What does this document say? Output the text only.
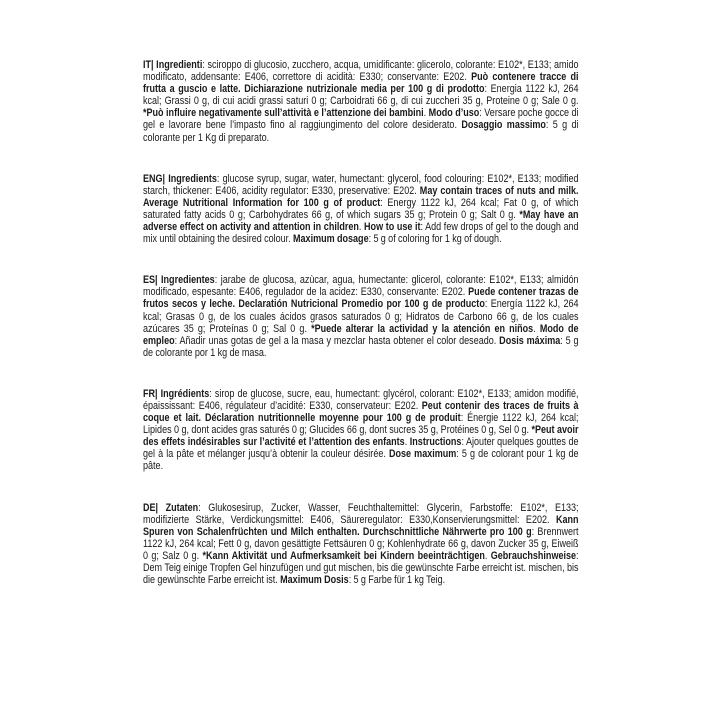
IT| Ingredienti: sciroppo di glucosio, zucchero, acqua, umidificante: glicerolo, colorante: E102*, E133; amido modificato, addensante: E406, correttore di acidità: E330; conservante: E202. Può contenere tracce di frutta a guscio e latte. Dichiarazione nutrizionale media per 100 g di prodotto: Energia 1122 kJ, 264 kcal; Grassi 0 g, di cui acidi grassi saturi 0 g; Carboidrati 66 g, di cui zuccheri 35 g, Proteine 0 g; Sale 0 g. *Può influire negativamente sull’attività e l’attenzione dei bambini. Modo d’uso: Versare poche gocce di gel e lavorare bene l’impasto fino al raggiungimento del colore desiderato. Dosaggio massimo: 5 g di colorante per 1 Kg di preparato.

ENG| Ingredients: glucose syrup, sugar, water, humectant: glycerol, food colouring: E102*, E133; modified starch, thickener: E406, acidity regulator: E330, preservative: E202. May contain traces of nuts and milk. Average Nutritional Information for 100 g of product: Energy 1122 kJ, 264 kcal; Fat 0 g, of which saturated fatty acids 0 g; Carbohydrates 66 g, of which sugars 35 g; Protein 0 g; Salt 0 g. *May have an adverse effect on activity and attention in children. How to use it: Add few drops of gel to the dough and mix until obtaining the desired colour. Maximum dosage: 5 g of coloring for 1 kg of dough.

ES| Ingredientes: jarabe de glucosa, azùcar, agua, humectante: glicerol, colorante: E102*, E133; almidón modificado, espesante: E406, regulador de la acidez: E330, conservante: E202. Puede contener trazas de frutos secos y leche. Declaratión Nutricional Promedio por 100 g de producto: Energía 1122 kJ, 264 kcal; Grasas 0 g, de los cuales ácidos grasos saturados 0 g; Hidratos de Carbono 66 g, de los cuales azúcares 35 g; Proteínas 0 g; Sal 0 g. *Puede alterar la actividad y la atención en niños. Modo de empleo: Añadir unas gotas de gel a la masa y mezclar hasta obtener el color deseado. Dosis máxima: 5 g de colorante por 1 kg de masa.

FR| Ingrédients: sirop de glucose, sucre, eau, humectant: glycérol, colorant: E102*, E133; amidon modifié, épaississant: E406, régulateur d’acidité: E330, conservateur: E202. Peut contenir des traces de fruits à coque et lait. Déclaration nutritionnelle moyenne pour 100 g de produit: Énergie 1122 kJ, 264 kcal; Lipides 0 g, dont acides gras saturés 0 g; Glucides 66 g, dont sucres 35 g, Protéines 0 g, Sel 0 g. *Peut avoir des effets indésirables sur l’activité et l’attention des enfants. Instructions: Ajouter quelques gouttes de gel à la pâte et mélanger jusqu’à obtenir la couleur désirée. Dose maximum: 5 g de colorant pour 1 kg de pâte.

DE| Zutaten: Glukosesirup, Zucker, Wasser, Feuchthaltemittel: Glycerin, Farbstoffe: E102*, E133; modifizierte Stärke, Verdickungsmittel: E406, Säureregulator: E330,Konservierungsmittel: E202. Kann Spuren von Schalenfrüchten und Milch enthalten. Durchschnittliche Nährwerte pro 100 g: Brennwert 1122 kJ, 264 kcal; Fett 0 g, davon gesättigte Fettsäuren 0 g; Kohlenhydrate 66 g, davon Zucker 35 g, Eiweiß 0 g; Salz 0 g. *Kann Aktivität und Aufmerksamkeit bei Kindern beeinträchtigen. Gebrauchshinweise: Dem Teig einige Tropfen Gel hinzufügen und gut mischen, bis die gewünschte Farbe erreicht ist. mischen, bis die gewünschte Farbe erreicht ist. Maximum Dosis: 5 g Farbe für 1 kg Teig.
